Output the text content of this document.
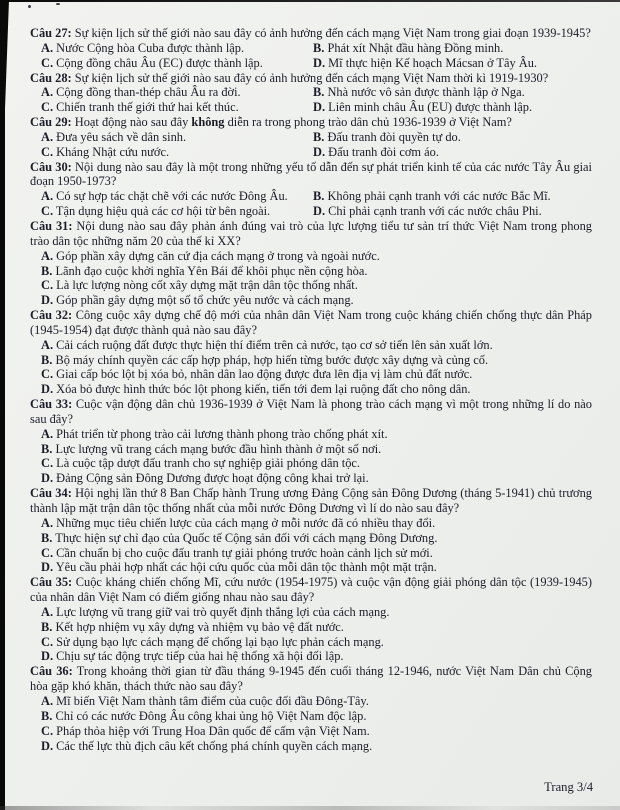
Câu 27: Sự kiện lịch sử thế giới nào sau đây có ảnh hưởng đến cách mạng Việt Nam trong giai đoạn 1939-1945?

A. Nước Cộng hòa Cuba được thành lập.	B. Phát xít Nhật đầu hàng Đồng minh.
C. Cộng đồng châu Âu (EC) được thành lập.	D. Mĩ thực hiện Kế hoạch Mácsan ở Tây Âu.

Câu 28: Sự kiện lịch sử thế giới nào sau đây có ảnh hưởng đến cách mạng Việt Nam thời kì 1919-1930?

A. Cộng đồng than-thép châu Âu ra đời.	B. Nhà nước vô sản được thành lập ở Nga.
C. Chiến tranh thế giới thứ hai kết thúc.	D. Liên minh châu Âu (EU) được thành lập.

Câu 29: Hoạt động nào sau đây không diễn ra trong phong trào dân chủ 1936-1939 ở Việt Nam?

A. Đưa yêu sách về dân sinh.	B. Đấu tranh đòi quyền tự do.
C. Kháng Nhật cứu nước.	D. Đấu tranh đòi cơm áo.

Câu 30: Nội dung nào sau đây là một trong những yếu tố dẫn đến sự phát triển kinh tế của các nước Tây Âu giai đoạn 1950-1973?

A. Có sự hợp tác chặt chẽ với các nước Đông Âu.	B. Không phải cạnh tranh với các nước Bắc Mĩ.
C. Tận dụng hiệu quả các cơ hội từ bên ngoài.	D. Chỉ phải cạnh tranh với các nước châu Phi.

Câu 31: Nội dung nào sau đây phản ánh đúng vai trò của lực lượng tiểu tư sản trí thức Việt Nam trong phong trào dân tộc những năm 20 của thế kỉ XX?

A. Góp phần xây dựng căn cứ địa cách mạng ở trong và ngoài nước.
B. Lãnh đạo cuộc khởi nghĩa Yên Bái để khôi phục nền cộng hòa.
C. Là lực lượng nòng cốt xây dựng mặt trận dân tộc thống nhất.
D. Góp phần gây dựng một số tổ chức yêu nước và cách mạng.

Câu 32: Công cuộc xây dựng chế độ mới của nhân dân Việt Nam trong cuộc kháng chiến chống thực dân Pháp (1945-1954) đạt được thành quả nào sau đây?

A. Cải cách ruộng đất được thực hiện thí điểm trên cả nước, tạo cơ sở tiến lên sản xuất lớn.
B. Bộ máy chính quyền các cấp hợp pháp, hợp hiến từng bước được xây dựng và củng cố.
C. Giai cấp bóc lột bị xóa bỏ, nhân dân lao động được đưa lên địa vị làm chủ đất nước.
D. Xóa bỏ được hình thức bóc lột phong kiến, tiến tới đem lại ruộng đất cho nông dân.

Câu 33: Cuộc vận động dân chủ 1936-1939 ở Việt Nam là phong trào cách mạng vì một trong những lí do nào sau đây?

A. Phát triển từ phong trào cải lương thành phong trào chống phát xít.
B. Lực lượng vũ trang cách mạng bước đầu hình thành ở một số nơi.
C. Là cuộc tập dượt đấu tranh cho sự nghiệp giải phóng dân tộc.
D. Đảng Cộng sản Đông Dương được hoạt động công khai trở lại.

Câu 34: Hội nghị lần thứ 8 Ban Chấp hành Trung ương Đảng Cộng sản Đông Dương (tháng 5-1941) chủ trương thành lập mặt trận dân tộc thống nhất của mỗi nước Đông Dương vì lí do nào sau đây?

A. Những mục tiêu chiến lược của cách mạng ở mỗi nước đã có nhiều thay đổi.
B. Thực hiện sự chỉ đạo của Quốc tế Cộng sản đối với cách mạng Đông Dương.
C. Cần chuẩn bị cho cuộc đấu tranh tự giải phóng trước hoàn cảnh lịch sử mới.
D. Yêu cầu phải hợp nhất các hội cứu quốc của mỗi dân tộc thành một mặt trận.

Câu 35: Cuộc kháng chiến chống Mĩ, cứu nước (1954-1975) và cuộc vận động giải phóng dân tộc (1939-1945) của nhân dân Việt Nam có điểm giống nhau nào sau đây?

A. Lực lượng vũ trang giữ vai trò quyết định thắng lợi của cách mạng.
B. Kết hợp nhiệm vụ xây dựng và nhiệm vụ bảo vệ đất nước.
C. Sử dụng bạo lực cách mạng để chống lại bạo lực phản cách mạng.
D. Chịu sự tác động trực tiếp của hai hệ thống xã hội đối lập.

Câu 36: Trong khoảng thời gian từ đầu tháng 9-1945 đến cuối tháng 12-1946, nước Việt Nam Dân chủ Cộng hòa gặp khó khăn, thách thức nào sau đây?

A. Mĩ biến Việt Nam thành tâm điểm của cuộc đối đầu Đông-Tây.
B. Chỉ có các nước Đông Âu công khai ủng hộ Việt Nam độc lập.
C. Pháp thỏa hiệp với Trung Hoa Dân quốc để cấm vận Việt Nam.
D. Các thế lực thù địch câu kết chống phá chính quyền cách mạng.
Trang 3/4
